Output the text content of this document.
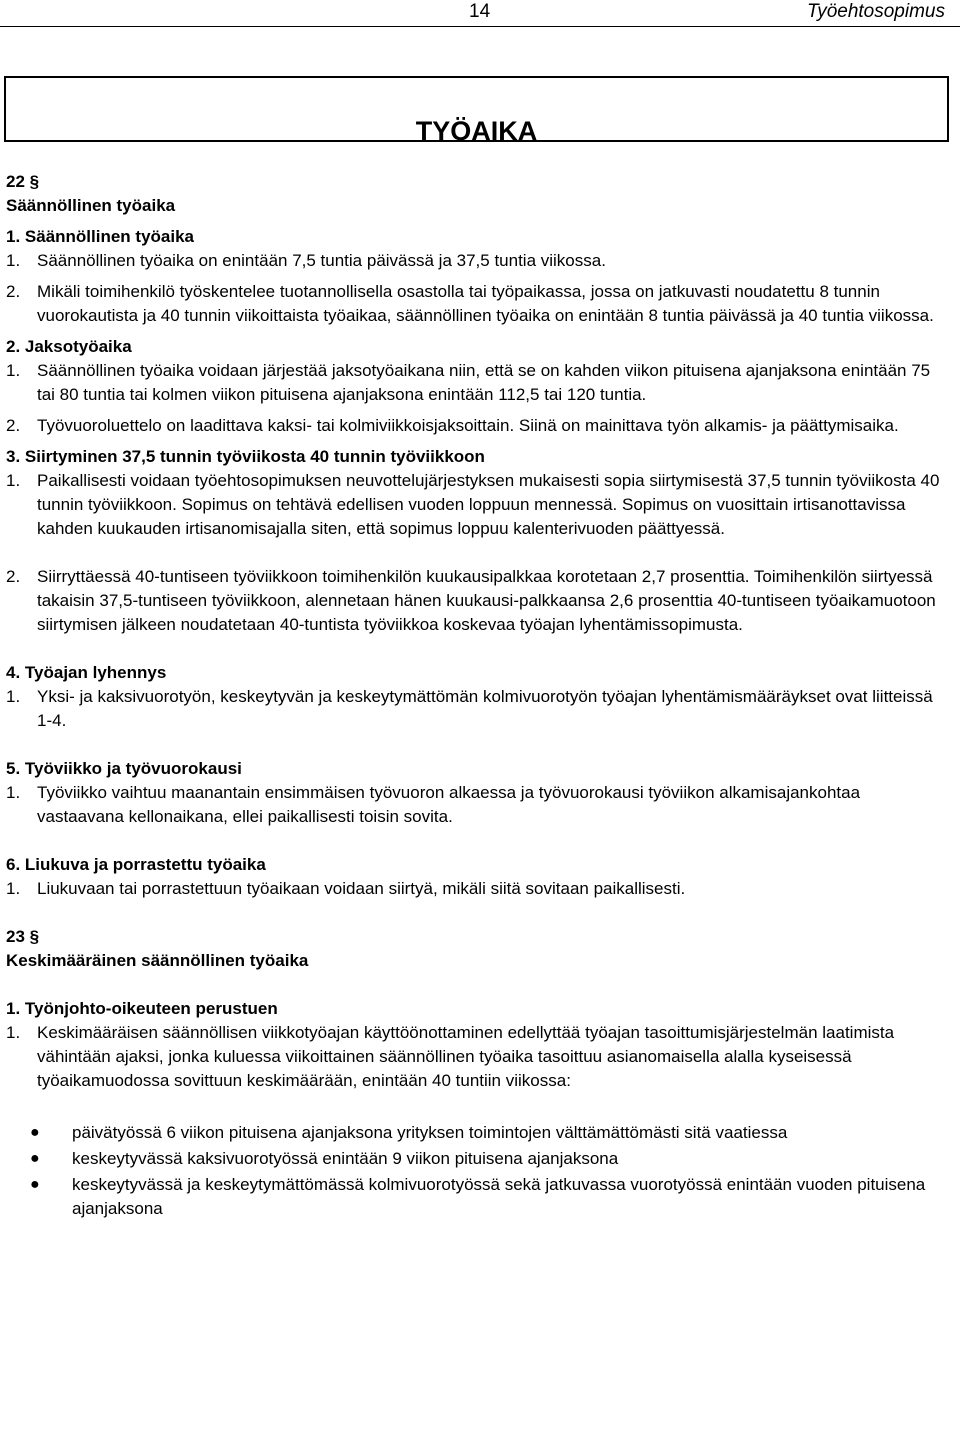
14	Työehtosopimus
TYÖAIKA
22 §
Säännöllinen työaika
1. Säännöllinen työaika
1. Säännöllinen työaika on enintään 7,5 tuntia päivässä ja 37,5 tuntia viikossa.
2. Mikäli toimihenkilö työskentelee tuotannollisella osastolla tai työpaikassa, jossa on jatkuvasti noudatettu 8 tunnin vuorokautista ja 40 tunnin viikoittaista työaikaa, säännöllinen työaika on enintään 8 tuntia päivässä ja 40 tuntia viikossa.
2. Jaksotyöaika
1. Säännöllinen työaika voidaan järjestää jaksotyöaikana niin, että se on kahden viikon pituisena ajanjaksona enintään 75 tai 80 tuntia tai kolmen viikon pituisena ajanjaksona enintään 112,5 tai 120 tuntia.
2. Työvuoroluettelo on laadittava kaksi- tai kolmiviikkoisjaksoittain. Siinä on mainittava työn alkamis- ja päättymisaika.
3. Siirtyminen 37,5 tunnin työviikosta 40 tunnin työviikkoon
1. Paikallisesti voidaan työehtosopimuksen neuvottelujärjestyksen mukaisesti sopia siirtymisestä 37,5 tunnin työviikosta 40 tunnin työviikkoon. Sopimus on tehtävä edellisen vuoden loppuun mennessä. Sopimus on vuosittain irtisanottavissa kahden kuukauden irtisanomisajalla siten, että sopimus loppuu kalenterivuoden päättyessä.
2. Siirryttäessä 40-tuntiseen työviikkoon toimihenkilön kuukausipalkkaa korotetaan 2,7 prosenttia. Toimihenkilön siirtyessä takaisin 37,5-tuntiseen työviikkoon, alennetaan hänen kuukausi-palkkaansa 2,6 prosenttia 40-tuntiseen työaikamuotoon siirtymisen jälkeen noudatetaan 40-tuntista työviikkoa koskevaa työajan lyhentämissopimusta.
4. Työajan lyhennys
1. Yksi- ja kaksivuorotyön, keskeytyvän ja keskeytymättömän kolmivuorotyön työajan lyhentämismääräykset ovat liitteissä 1-4.
5. Työviikko ja työvuorokausi
1. Työviikko vaihtuu maanantain ensimmäisen työvuoron alkaessa ja työvuorokausi työviikon alkamisajankohtaa vastaavana kellonaikana, ellei paikallisesti toisin sovita.
6. Liukuva ja porrastettu työaika
1. Liukuvaan tai porrastettuun työaikaan voidaan siirtyä, mikäli siitä sovitaan paikallisesti.
23 §
Keskimääräinen säännöllinen työaika
1. Työnjohto-oikeuteen perustuen
1. Keskimääräisen säännöllisen viikkotyöajan käyttöönottaminen edellyttää työajan tasoittumisjärjestelmän laatimista vähintään ajaksi, jonka kuluessa viikoittainen säännöllinen työaika tasoittuu asianomaisella alalla kyseisessä työaikamuodossa sovittuun keskimäärään, enintään 40 tuntiin viikossa:
●	päivätyössä 6 viikon pituisena ajanjaksona yrityksen toimintojen välttämättömästi sitä vaatiessa
●	keskeytyvässä kaksivuorotyössä enintään 9 viikon pituisena ajanjaksona
●	keskeytyvässä ja keskeytymättömässä kolmivuorotyössä sekä jatkuvassa vuorotyössä enintään vuoden pituisena ajanjaksona
